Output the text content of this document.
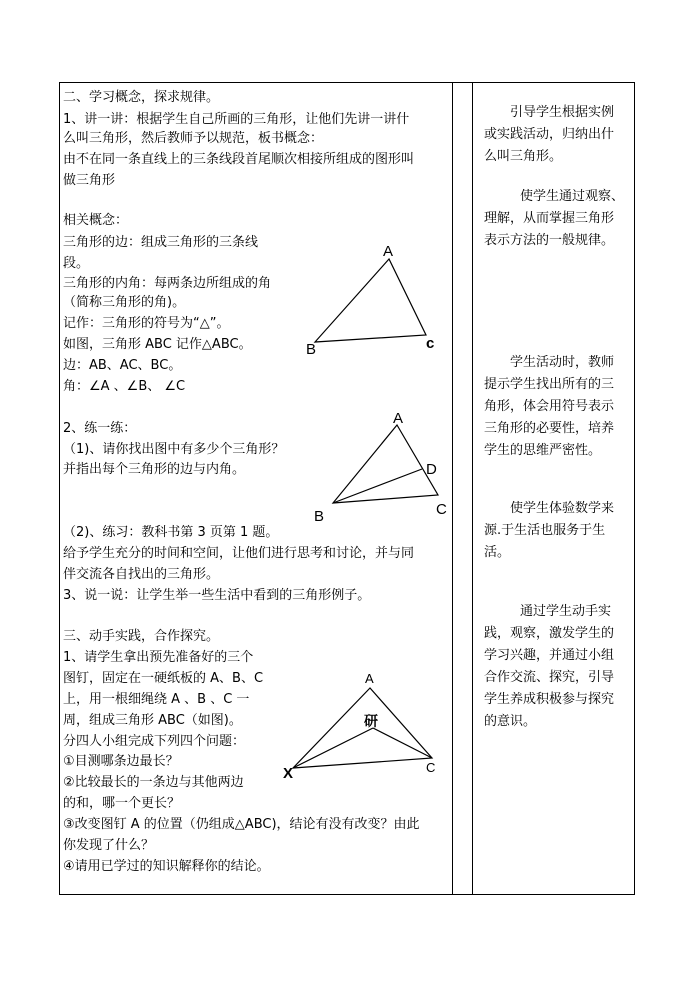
二、学习概念，探求规律。
1、讲一讲：根据学生自己所画的三角形，让他们先讲一讲什
么叫三角形，然后教师予以规范，板书概念：
由不在同一条直线上的三条线段首尾顺次相接所组成的图形叫
做三角形
相关概念：
三角形的边：组成三角形的三条线
段。
三角形的内角：每两条边所组成的角
（简称三角形的角)。
记作：三角形的符号为“△”。
如图，三角形 ABC 记作△ABC。
边：AB、AC、BC。
角：∠A 、∠B、 ∠C
2、练一练：
（1)、请你找出图中有多少个三角形？
并指出每个三角形的边与内角。
（2)、练习：教科书第 3 页第 1 题。
给予学生充分的时间和空间，让他们进行思考和讨论，并与同
伴交流各自找出的三角形。
3、说一说：让学生举一些生活中看到的三角形例子。
三、动手实践，合作探究。
1、请学生拿出预先准备好的三个
图钉，固定在一硬纸板的 A、B、C
上，用一根细绳绕 A 、B 、C 一
周，组成三角形 ABC（如图)。
分四人小组完成下列四个问题：
①目测哪条边最长？
②比较最长的一条边与其他两边
的和，哪一个更长？
③改变图钉 A 的位置（仍组成△ABC)，结论有没有改变？由此
你发现了什么？
④请用已学过的知识解释你的结论。
A
B	c
A
B	C
D
A
C
X
研

引导学生根据实例

或实践活动，归纳出什

么叫三角形。

使学生通过观察、

理解，从而掌握三角形

表示方法的一般规律。

学生活动时，教师

提示学生找出所有的三

角形，体会用符号表示

三角形的必要性，培养

学生的思维严密性。

使学生体验数学来

源.于生活也服务于生

活。

通过学生动手实

践，观察，激发学生的

学习兴趣，并通过小组

合作交流、探究，引导

学生养成积极参与探究

的意识。
